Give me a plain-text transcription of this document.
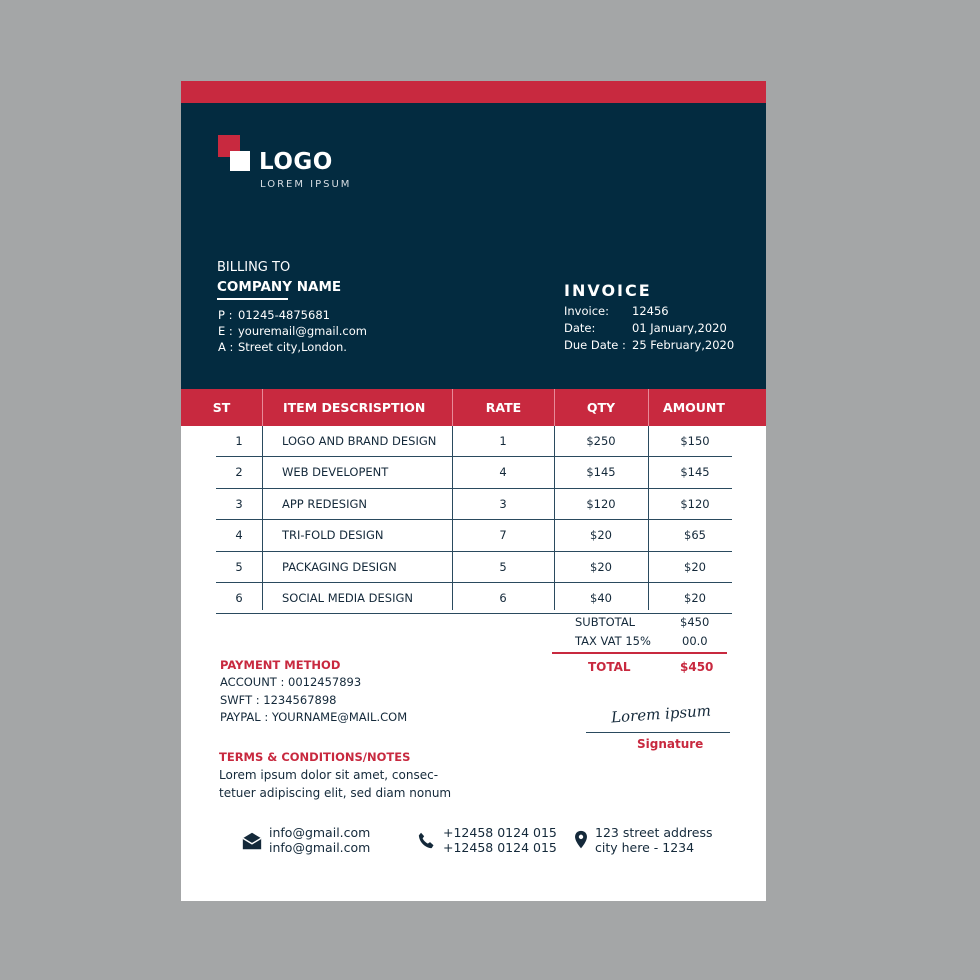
LOGO
LOREM IPSUM
BILLING TO
COMPANY NAME
P : 01245-4875681
E : youremail@gmail.com
A : Street city,London.
INVOICE
Invoice:	12456
Date:	01 January,2020
Due Date : 25 February,2020
ST	ITEM DESCRISPTION	RATE	QTY	AMOUNT
1	LOGO AND BRAND DESIGN	1	$250	$150
2	WEB DEVELOPENT	4	$145	$145
3	APP REDESIGN	3	$120	$120
4	TRI-FOLD DESIGN	7	$20	$65
5	PACKAGING DESIGN	5	$20	$20
6	SOCIAL MEDIA DESIGN	6	$40	$20
SUBTOTAL	$450
TAX VAT 15%	00.0
TOTAL	$450
PAYMENT METHOD
ACCOUNT : 0012457893
SWFT : 1234567898
PAYPAL : YOURNAME@MAIL.COM
TERMS & CONDITIONS/NOTES
Lorem ipsum dolor sit amet, consec-
tetuer adipiscing elit, sed diam nonum
Lorem ipsum
Signature
info@gmail.com
info@gmail.com
+12458 0124 015
+12458 0124 015
123 street address
city here - 1234
